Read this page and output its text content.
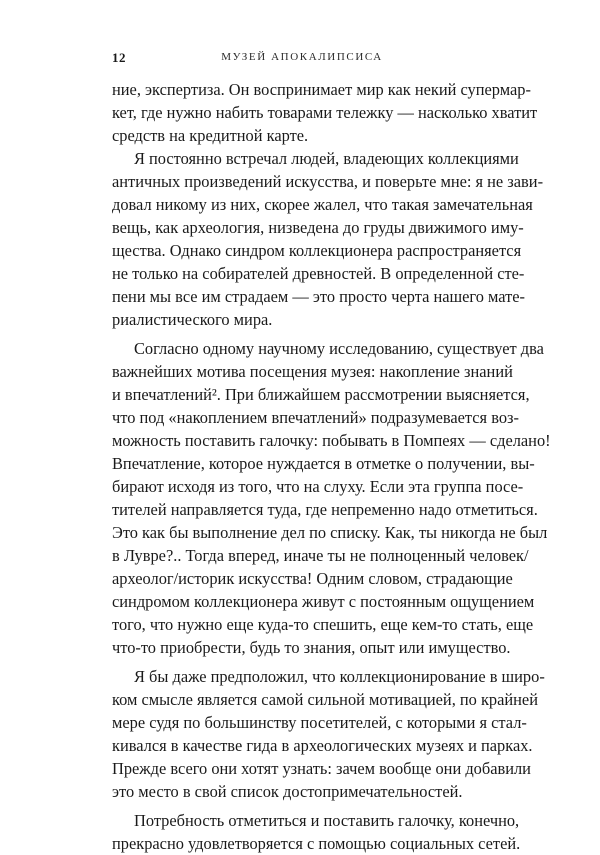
12	МУЗЕЙ АПОКАЛИПСИСА
ние, экспертиза. Он воспринимает мир как некий супермар-
кет, где нужно набить товарами тележку — насколько хватит
средств на кредитной карте.
Я постоянно встречал людей, владеющих коллекциями
античных произведений искусства, и поверьте мне: я не зави-
довал никому из них, скорее жалел, что такая замечательная
вещь, как археология, низведена до груды движимого иму-
щества. Однако синдром коллекционера распространяется
не только на собирателей древностей. В определенной сте-
пени мы все им страдаем — это просто черта нашего мате-
риалистического мира.
Согласно одному научному исследованию, существует два
важнейших мотива посещения музея: накопление знаний
и впечатлений². При ближайшем рассмотрении выясняется,
что под «накоплением впечатлений» подразумевается воз-
можность поставить галочку: побывать в Помпеях — сделано!
Впечатление, которое нуждается в отметке о получении, вы-
бирают исходя из того, что на слуху. Если эта группа посе-
тителей направляется туда, где непременно надо отметиться.
Это как бы выполнение дел по списку. Как, ты никогда не был
в Лувре?.. Тогда вперед, иначе ты не полноценный человек/
археолог/историк искусства! Одним словом, страдающие
синдромом коллекционера живут с постоянным ощущением
того, что нужно еще куда-то спешить, еще кем-то стать, еще
что-то приобрести, будь то знания, опыт или имущество.
Я бы даже предположил, что коллекционирование в широ-
ком смысле является самой сильной мотивацией, по крайней
мере судя по большинству посетителей, с которыми я стал-
кивался в качестве гида в археологических музеях и парках.
Прежде всего они хотят узнать: зачем вообще они добавили
это место в свой список достопримечательностей.
Потребность отметиться и поставить галочку, конечно,
прекрасно удовлетворяется с помощью социальных сетей.
